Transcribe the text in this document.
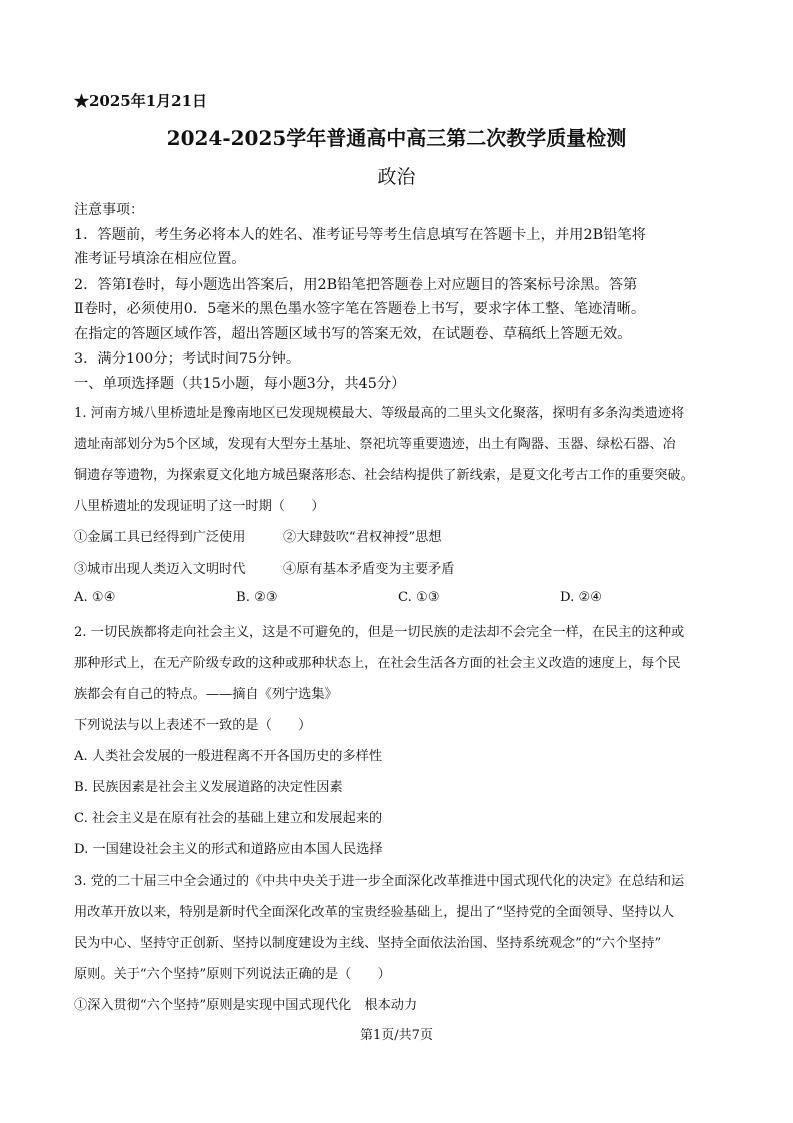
★2025年1月21日
2024-2025学年普通高中高三第二次教学质量检测
政治
注意事项：
1．答题前，考生务必将本人的姓名、准考证号等考生信息填写在答题卡上，并用2B铅笔将
准考证号填涂在相应位置。
2．答第Ⅰ卷时，每小题选出答案后，用2B铅笔把答题卷上对应题目的答案标号涂黑。答第
Ⅱ卷时，必须使用0．5毫米的黑色墨水签字笔在答题卷上书写，要求字体工整、笔迹清晰。
在指定的答题区域作答，超出答题区域书写的答案无效，在试题卷、草稿纸上答题无效。
3．满分100分；考试时间75分钟。
一、单项选择题（共15小题，每小题3分，共45分）
1. 河南方城八里桥遗址是豫南地区已发现规模最大、等级最高的二里头文化聚落，探明有多条沟类遗迹将
遗址南部划分为5个区域，发现有大型夯土基址、祭祀坑等重要遗迹，出土有陶器、玉器、绿松石器、冶
铜遗存等遗物，为探索夏文化地方城邑聚落形态、社会结构提供了新线索，是夏文化考古工作的重要突破。
八里桥遗址的发现证明了这一时期（　　）
①金属工具已经得到广泛使用	②大肆鼓吹“君权神授”思想
③城市出现人类迈入文明时代	④原有基本矛盾变为主要矛盾
A. ①④	B. ②③	C. ①③	D. ②④
2. 一切民族都将走向社会主义，这是不可避免的，但是一切民族的走法却不会完全一样，在民主的这种或
那种形式上，在无产阶级专政的这种或那种状态上，在社会生活各方面的社会主义改造的速度上，每个民
族都会有自己的特点。——摘自《列宁选集》
下列说法与以上表述不一致的是（　　）
A. 人类社会发展的一般进程离不开各国历史的多样性
B. 民族因素是社会主义发展道路的决定性因素
C. 社会主义是在原有社会的基础上建立和发展起来的
D. 一国建设社会主义的形式和道路应由本国人民选择
3. 党的二十届三中全会通过的《中共中央关于进一步全面深化改革推进中国式现代化的决定》在总结和运
用改革开放以来，特别是新时代全面深化改革的宝贵经验基础上，提出了“坚持党的全面领导、坚持以人
民为中心、坚持守正创新、坚持以制度建设为主线、坚持全面依法治国、坚持系统观念”的“六个坚持”
原则。关于“六个坚持”原则下列说法正确的是（　　）
①深入贯彻“六个坚持”原则是实现中国式现代化　根本动力
第1页/共7页
